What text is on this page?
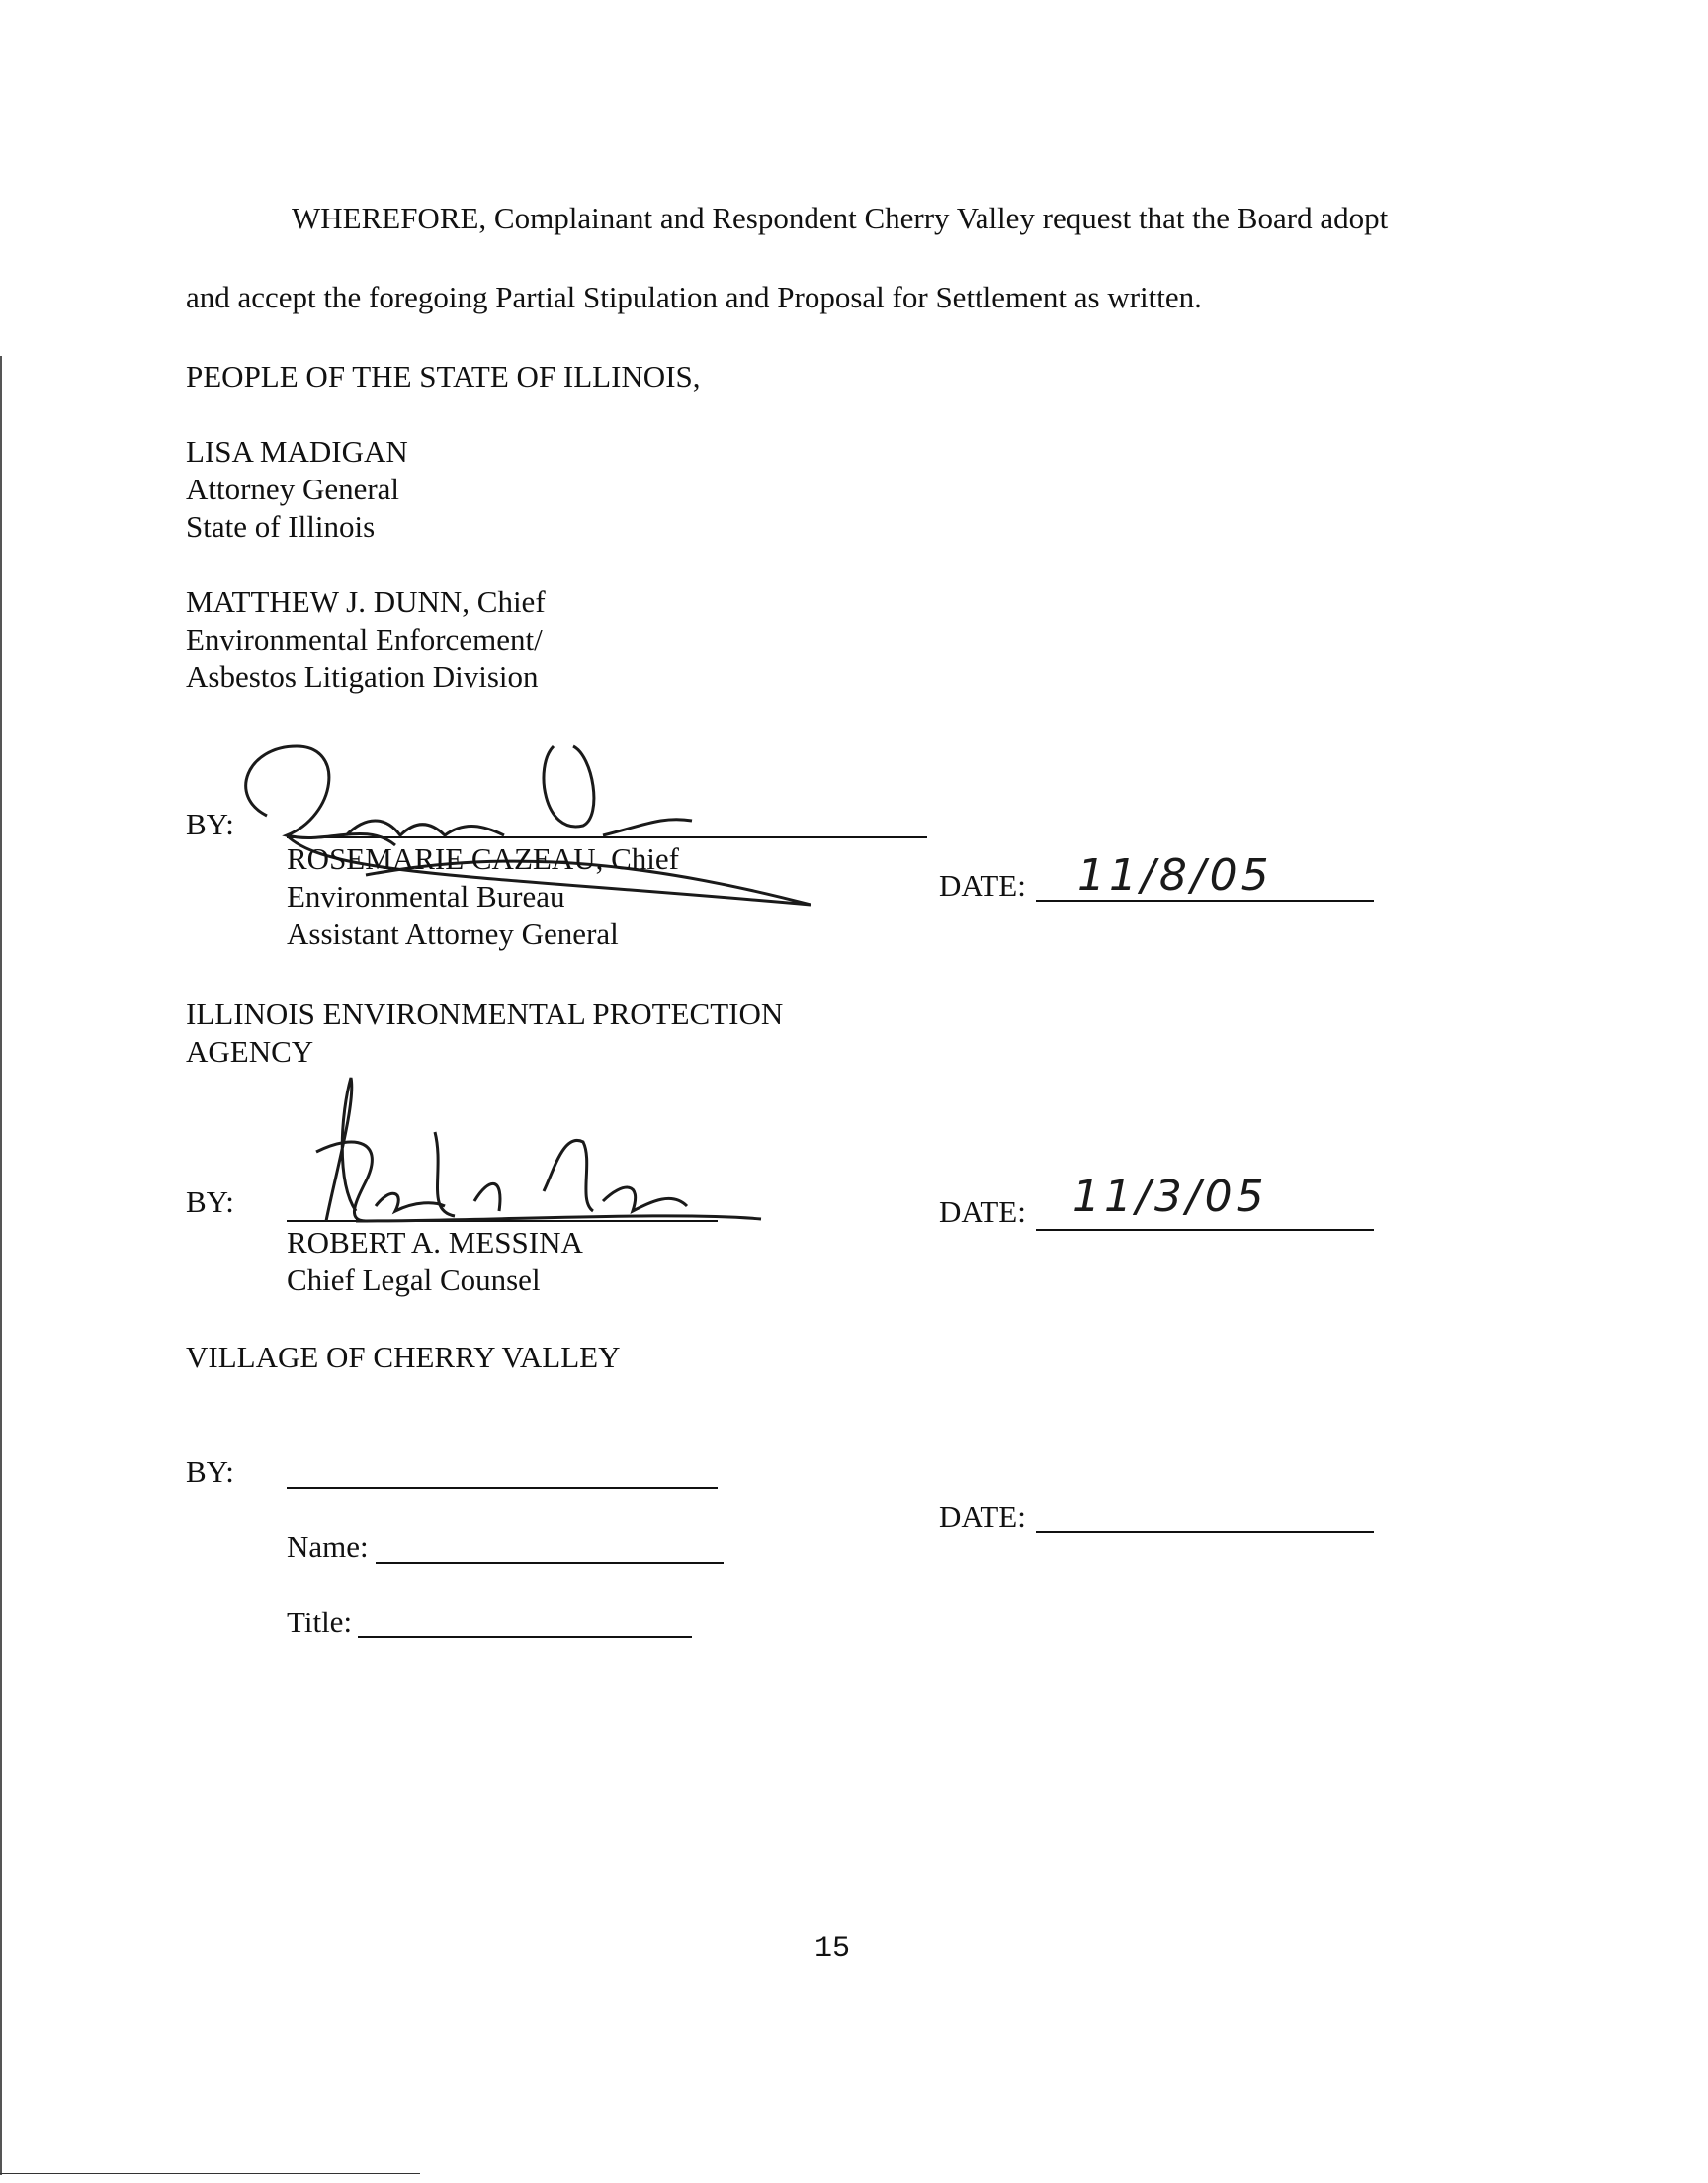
WHEREFORE, Complainant and Respondent Cherry Valley request that the Board adopt
and accept the foregoing Partial Stipulation and Proposal for Settlement as written.
PEOPLE OF THE STATE OF ILLINOIS,
LISA MADIGAN
Attorney General
State of Illinois
MATTHEW J. DUNN, Chief
Environmental Enforcement/
Asbestos Litigation Division
BY:
ROSEMARIE CAZEAU, Chief
Environmental Bureau
Assistant Attorney General
DATE: 11/8/05
ILLINOIS ENVIRONMENTAL PROTECTION
AGENCY
BY:
ROBERT A. MESSINA
Chief Legal Counsel
DATE: 11/3/05
VILLAGE OF CHERRY VALLEY
BY:
Name:
Title:
DATE:
15
